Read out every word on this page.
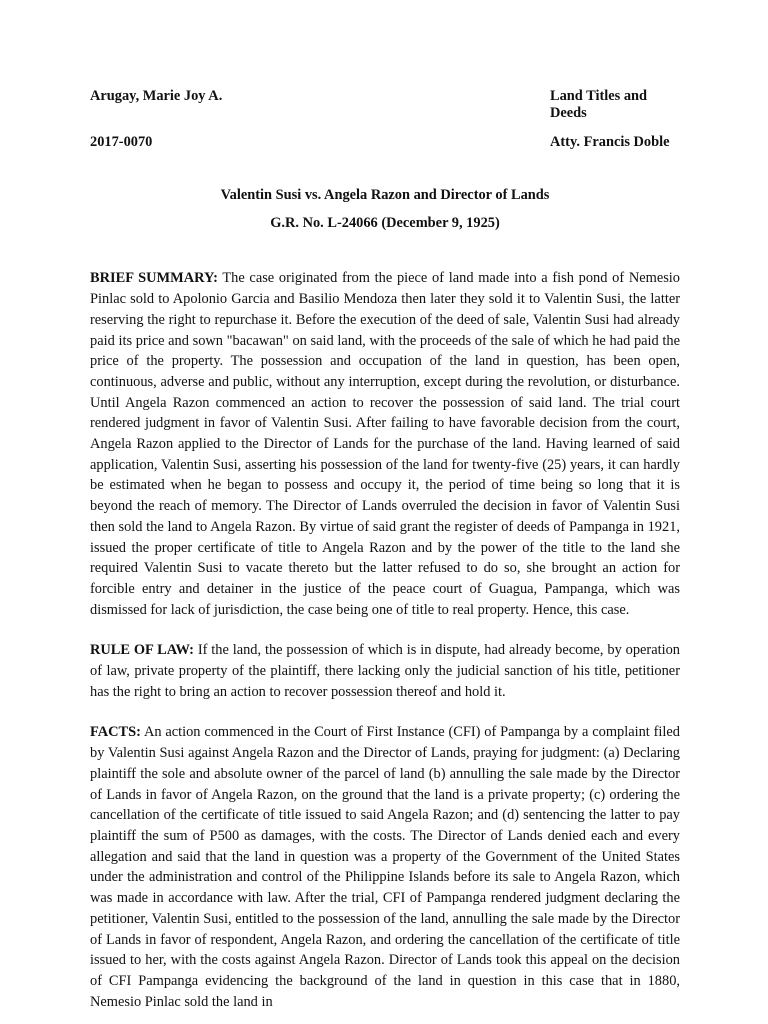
Arugay, Marie Joy A.	Land Titles and Deeds
2017-0070	Atty. Francis Doble
Valentin Susi vs. Angela Razon and Director of Lands
G.R. No. L-24066 (December 9, 1925)

BRIEF SUMMARY: The case originated from the piece of land made into a fish pond of Nemesio Pinlac sold to Apolonio Garcia and Basilio Mendoza then later they sold it to Valentin Susi, the latter reserving the right to repurchase it. Before the execution of the deed of sale, Valentin Susi had already paid its price and sown "bacawan" on said land, with the proceeds of the sale of which he had paid the price of the property. The possession and occupation of the land in question, has been open, continuous, adverse and public, without any interruption, except during the revolution, or disturbance. Until Angela Razon commenced an action to recover the possession of said land. The trial court rendered judgment in favor of Valentin Susi. After failing to have favorable decision from the court, Angela Razon applied to the Director of Lands for the purchase of the land. Having learned of said application, Valentin Susi, asserting his possession of the land for twenty-five (25) years, it can hardly be estimated when he began to possess and occupy it, the period of time being so long that it is beyond the reach of memory. The Director of Lands overruled the decision in favor of Valentin Susi then sold the land to Angela Razon. By virtue of said grant the register of deeds of Pampanga in 1921, issued the proper certificate of title to Angela Razon and by the power of the title to the land she required Valentin Susi to vacate thereto but the latter refused to do so, she brought an action for forcible entry and detainer in the justice of the peace court of Guagua, Pampanga, which was dismissed for lack of jurisdiction, the case being one of title to real property. Hence, this case.

RULE OF LAW: If the land, the possession of which is in dispute, had already become, by operation of law, private property of the plaintiff, there lacking only the judicial sanction of his title, petitioner has the right to bring an action to recover possession thereof and hold it.

FACTS: An action commenced in the Court of First Instance (CFI) of Pampanga by a complaint filed by Valentin Susi against Angela Razon and the Director of Lands, praying for judgment: (a) Declaring plaintiff the sole and absolute owner of the parcel of land (b) annulling the sale made by the Director of Lands in favor of Angela Razon, on the ground that the land is a private property; (c) ordering the cancellation of the certificate of title issued to said Angela Razon; and (d) sentencing the latter to pay plaintiff the sum of P500 as damages, with the costs. The Director of Lands denied each and every allegation and said that the land in question was a property of the Government of the United States under the administration and control of the Philippine Islands before its sale to Angela Razon, which was made in accordance with law. After the trial, CFI of Pampanga rendered judgment declaring the petitioner, Valentin Susi, entitled to the possession of the land, annulling the sale made by the Director of Lands in favor of respondent, Angela Razon, and ordering the cancellation of the certificate of title issued to her, with the costs against Angela Razon. Director of Lands took this appeal on the decision of CFI Pampanga evidencing the background of the land in question in this case that in 1880, Nemesio Pinlac sold the land in
